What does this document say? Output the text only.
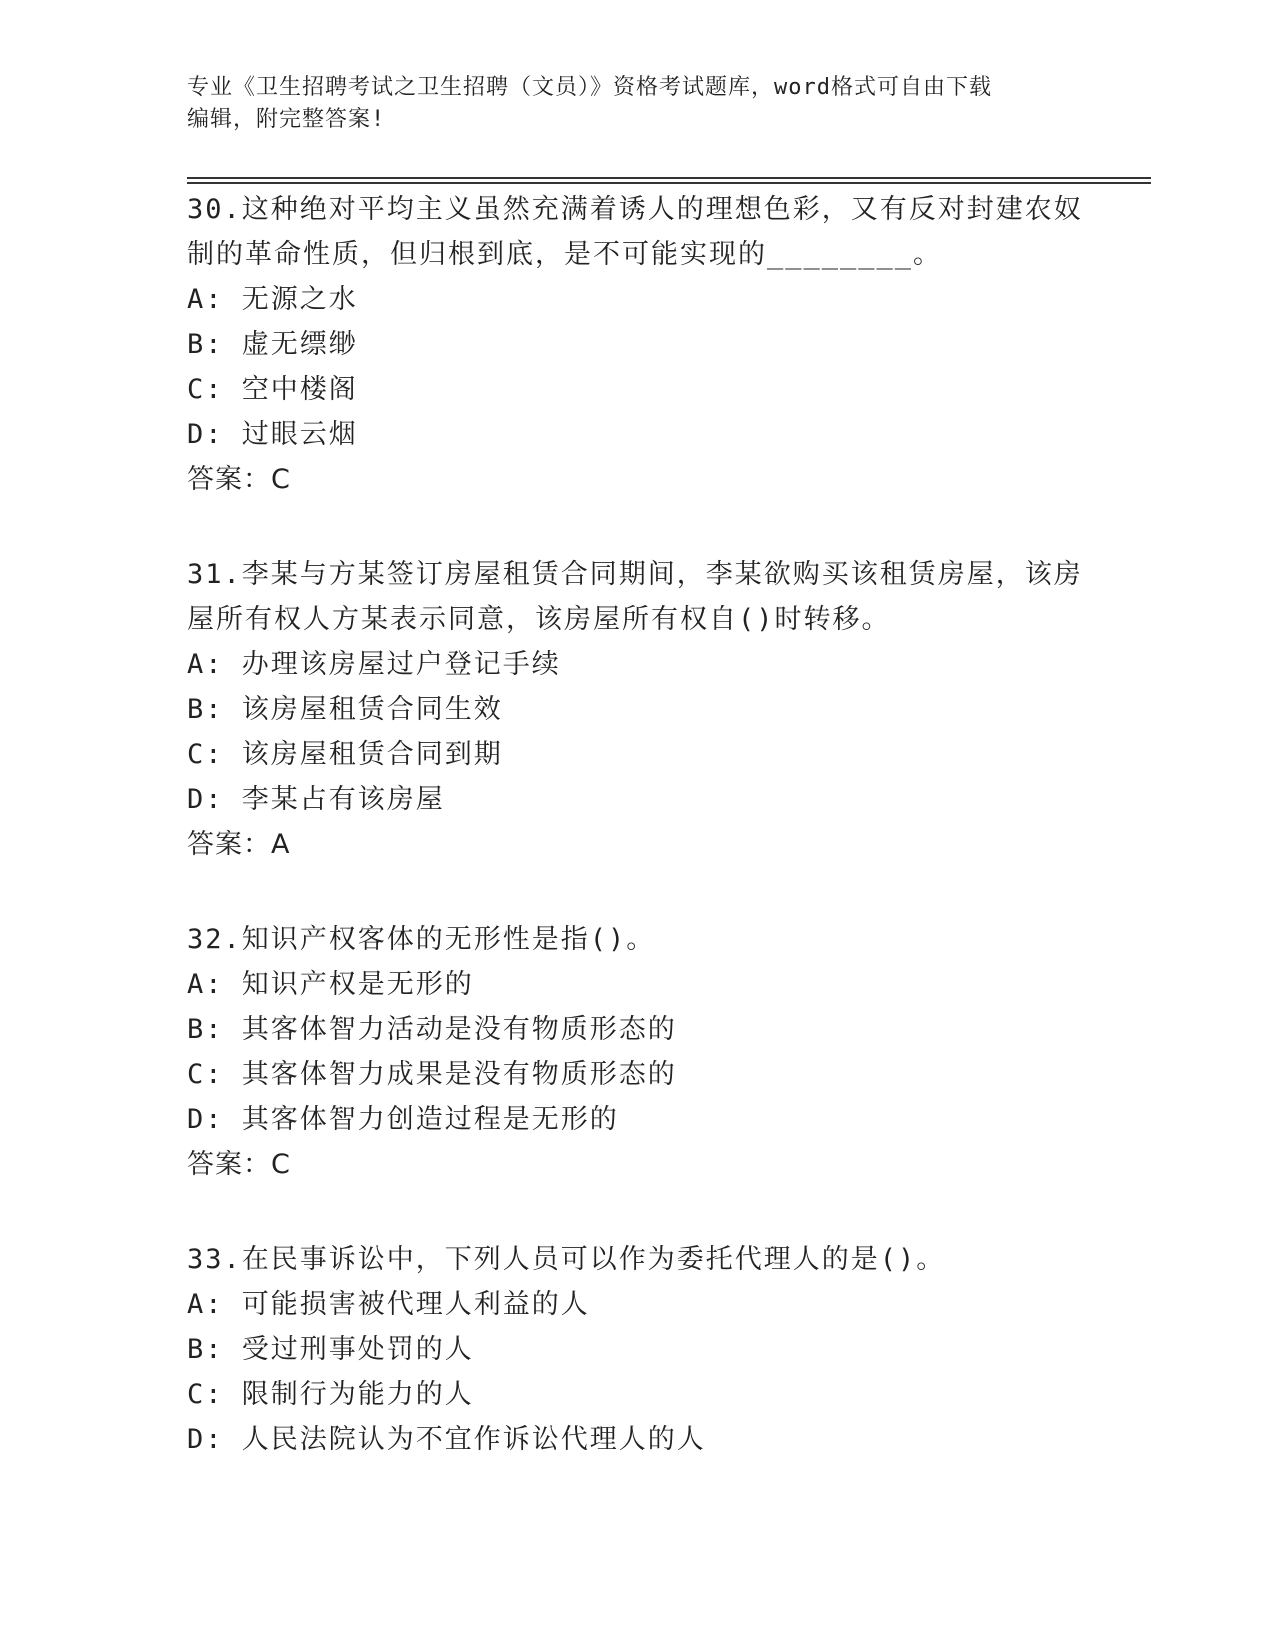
专业《卫生招聘考试之卫生招聘（文员）》资格考试题库，word格式可自由下载
编辑，附完整答案!

30.这种绝对平均主义虽然充满着诱人的理想色彩，又有反对封建农奴

制的革命性质，但归根到底，是不可能实现的________。

A: 无源之水

B: 虚无缥缈

C: 空中楼阁

D: 过眼云烟

答案：C

31.李某与方某签订房屋租赁合同期间，李某欲购买该租赁房屋，该房

屋所有权人方某表示同意，该房屋所有权自()时转移。

A: 办理该房屋过户登记手续

B: 该房屋租赁合同生效

C: 该房屋租赁合同到期

D: 李某占有该房屋

答案：A

32.知识产权客体的无形性是指()。

A: 知识产权是无形的

B: 其客体智力活动是没有物质形态的

C: 其客体智力成果是没有物质形态的

D: 其客体智力创造过程是无形的

答案：C

33.在民事诉讼中，下列人员可以作为委托代理人的是()。

A: 可能损害被代理人利益的人

B: 受过刑事处罚的人

C: 限制行为能力的人

D: 人民法院认为不宜作诉讼代理人的人
